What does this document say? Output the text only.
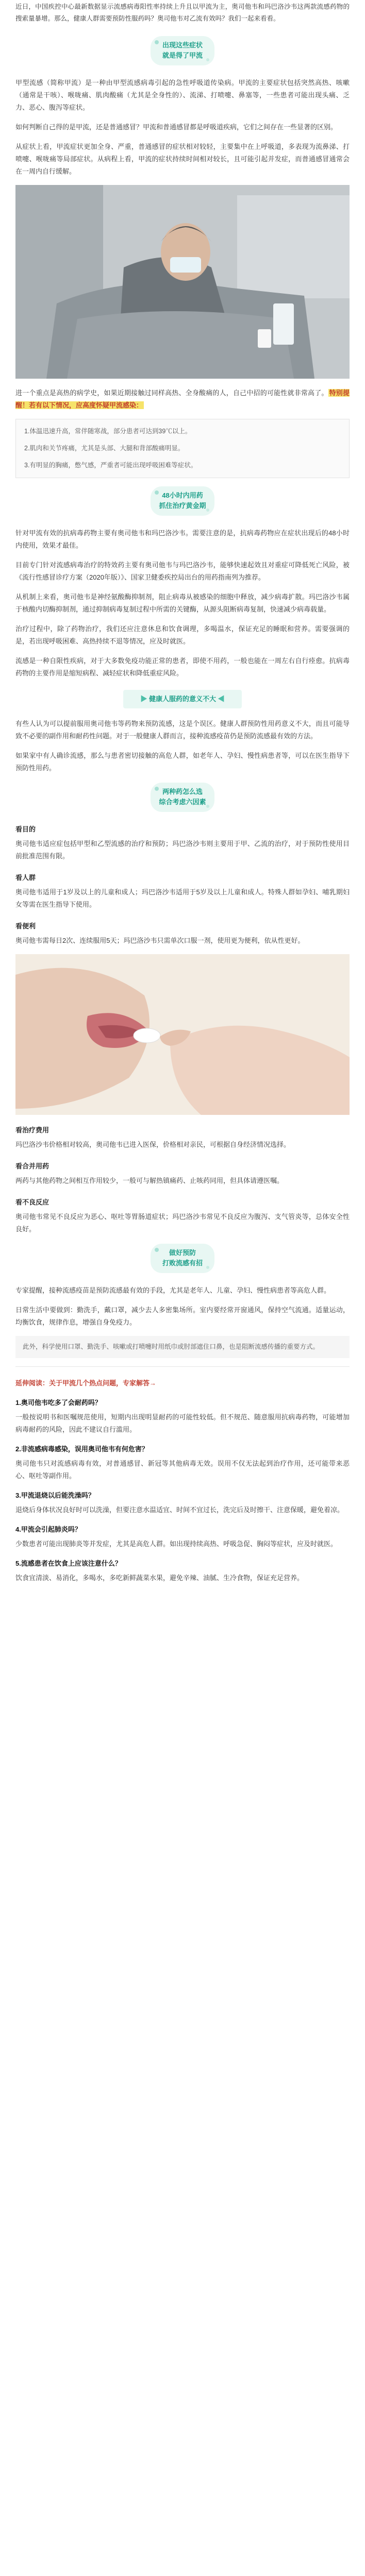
近日，中国疾控中心最新数据显示流感病毒阳性率持续上升且以甲流为主，奥司他韦和玛巴洛沙韦这两款流感药物的搜索量暴增。那么，健康人群需要预防性服药吗？奥司他韦对乙流有效吗？我们一起来看看。

出现这些症状
就是得了甲流

甲型流感（简称甲流）是一种由甲型流感病毒引起的急性呼吸道传染病。甲流的主要症状包括突然高热、咳嗽（通常是干咳）、喉咙痛、肌肉酸痛（尤其是全身性的）、流涕、打喷嚏、鼻塞等，一些患者可能出现头痛、乏力、恶心、腹泻等症状。

如何判断自己得的是甲流，还是普通感冒？甲流和普通感冒都是呼吸道疾病，它们之间存在一些显著的区别。

从症状上看，甲流症状更加全身、严重，普通感冒的症状相对较轻，主要集中在上呼吸道，多表现为流鼻涕、打喷嚏、喉咙痛等局部症状。从病程上看，甲流的症状持续时间相对较长，且可能引起并发症，而普通感冒通常会在一周内自行缓解。

进一个重点是高热的病学史，如果近期接触过同样高热、全身酸痛的人，自己中招的可能性就非常高了。 特别提醒！若有以下情况，应高度怀疑甲流感染：

1.体温迅速升高，常伴随寒战，部分患者可达到39℃以上。

2.肌肉和关节疼痛，尤其是头部、大腿和背部酸痛明显。

3.有明显的胸痛，憋气感，严重者可能出现呼吸困难等症状。

48小时内用药
抓住治疗黄金期

针对甲流有效的抗病毒药物主要有奥司他韦和玛巴洛沙韦。需要注意的是，抗病毒药物应在症状出现后的48小时内使用，效果才最佳。

目前专门针对流感病毒治疗的特效药主要有奥司他韦与玛巴洛沙韦，能够快速起效且对重症可降低死亡风险，被《流行性感冒诊疗方案（2020年版）》、国家卫健委疾控局出台的用药指南列为推荐。

从机制上来看，奥司他韦是神经氨酸酶抑制剂，阻止病毒从被感染的细胞中释放，减少病毒扩散。玛巴洛沙韦属于核酸内切酶抑制剂，通过抑制病毒复制过程中所需的关键酶，从源头阻断病毒复制，快速减少病毒载量。

治疗过程中，除了药物治疗，我们还应注意休息和饮食调理，多喝温水，保证充足的睡眠和营养。需要强调的是，若出现呼吸困难、高热持续不退等情况，应及时就医。

流感是一种自限性疾病，对于大多数免疫功能正常的患者，即使不用药，一般也能在一周左右自行痊愈。抗病毒药物的主要作用是缩短病程、减轻症状和降低重症风险。

▶ 健康人服药的意义不大 ◀

有些人认为可以提前服用奥司他韦等药物来预防流感，这是个误区。健康人群预防性用药意义不大，而且可能导致不必要的副作用和耐药性问题。对于一般健康人群而言，接种流感疫苗仍是预防流感最有效的方法。

如果家中有人确诊流感，那么与患者密切接触的高危人群，如老年人、孕妇、慢性病患者等，可以在医生指导下预防性用药。

两种药怎么选
综合考虑六因素
看目的

奥司他韦适应症包括甲型和乙型流感的治疗和预防；玛巴洛沙韦则主要用于甲、乙流的治疗，对于预防性使用目前批准范围有限。

看人群

奥司他韦适用于1岁及以上的儿童和成人；玛巴洛沙韦适用于5岁及以上儿童和成人。特殊人群如孕妇、哺乳期妇女等需在医生指导下使用。

看便利

奥司他韦需每日2次、连续服用5天；玛巴洛沙韦只需单次口服一剂，使用更为便利，依从性更好。

看治疗费用

玛巴洛沙韦价格相对较高，奥司他韦已进入医保，价格相对亲民，可根据自身经济情况选择。

看合并用药

两药与其他药物之间相互作用较少，一般可与解热镇痛药、止咳药同用，但具体请遵医嘱。

看不良反应

奥司他韦常见不良反应为恶心、呕吐等胃肠道症状；玛巴洛沙韦常见不良反应为腹泻、支气管炎等，总体安全性良好。

做好预防
打败流感有招

专家提醒，接种流感疫苗是预防流感最有效的手段，尤其是老年人、儿童、孕妇、慢性病患者等高危人群。

日常生活中要做到：勤洗手，戴口罩，减少去人多密集场所。室内要经常开窗通风，保持空气流通。适量运动，均衡饮食，规律作息，增强自身免疫力。

此外，科学使用口罩、勤洗手、咳嗽或打喷嚏时用纸巾或肘部遮住口鼻，也是阻断流感传播的重要方式。
延伸阅读：关于甲流几个热点问题，专家解答→
1.奥司他韦吃多了会耐药吗？

一般按说明书和医嘱规范使用，短期内出现明显耐药的可能性较低。但不规范、随意服用抗病毒药物，可能增加病毒耐药的风险，因此不建议自行滥用。

2.非流感病毒感染，误用奥司他韦有何危害？

奥司他韦只对流感病毒有效，对普通感冒、新冠等其他病毒无效。误用不仅无法起到治疗作用，还可能带来恶心、呕吐等副作用。

3.甲流退烧以后能洗澡吗？

退烧后身体状况良好时可以洗澡，但要注意水温适宜、时间不宜过长，洗完后及时擦干、注意保暖，避免着凉。

4.甲流会引起肺炎吗？

少数患者可能出现肺炎等并发症，尤其是高危人群。如出现持续高热、呼吸急促、胸闷等症状，应及时就医。

5.流感患者在饮食上应该注意什么？

饮食宜清淡、易消化，多喝水，多吃新鲜蔬菜水果，避免辛辣、油腻、生冷食物，保证充足营养。
